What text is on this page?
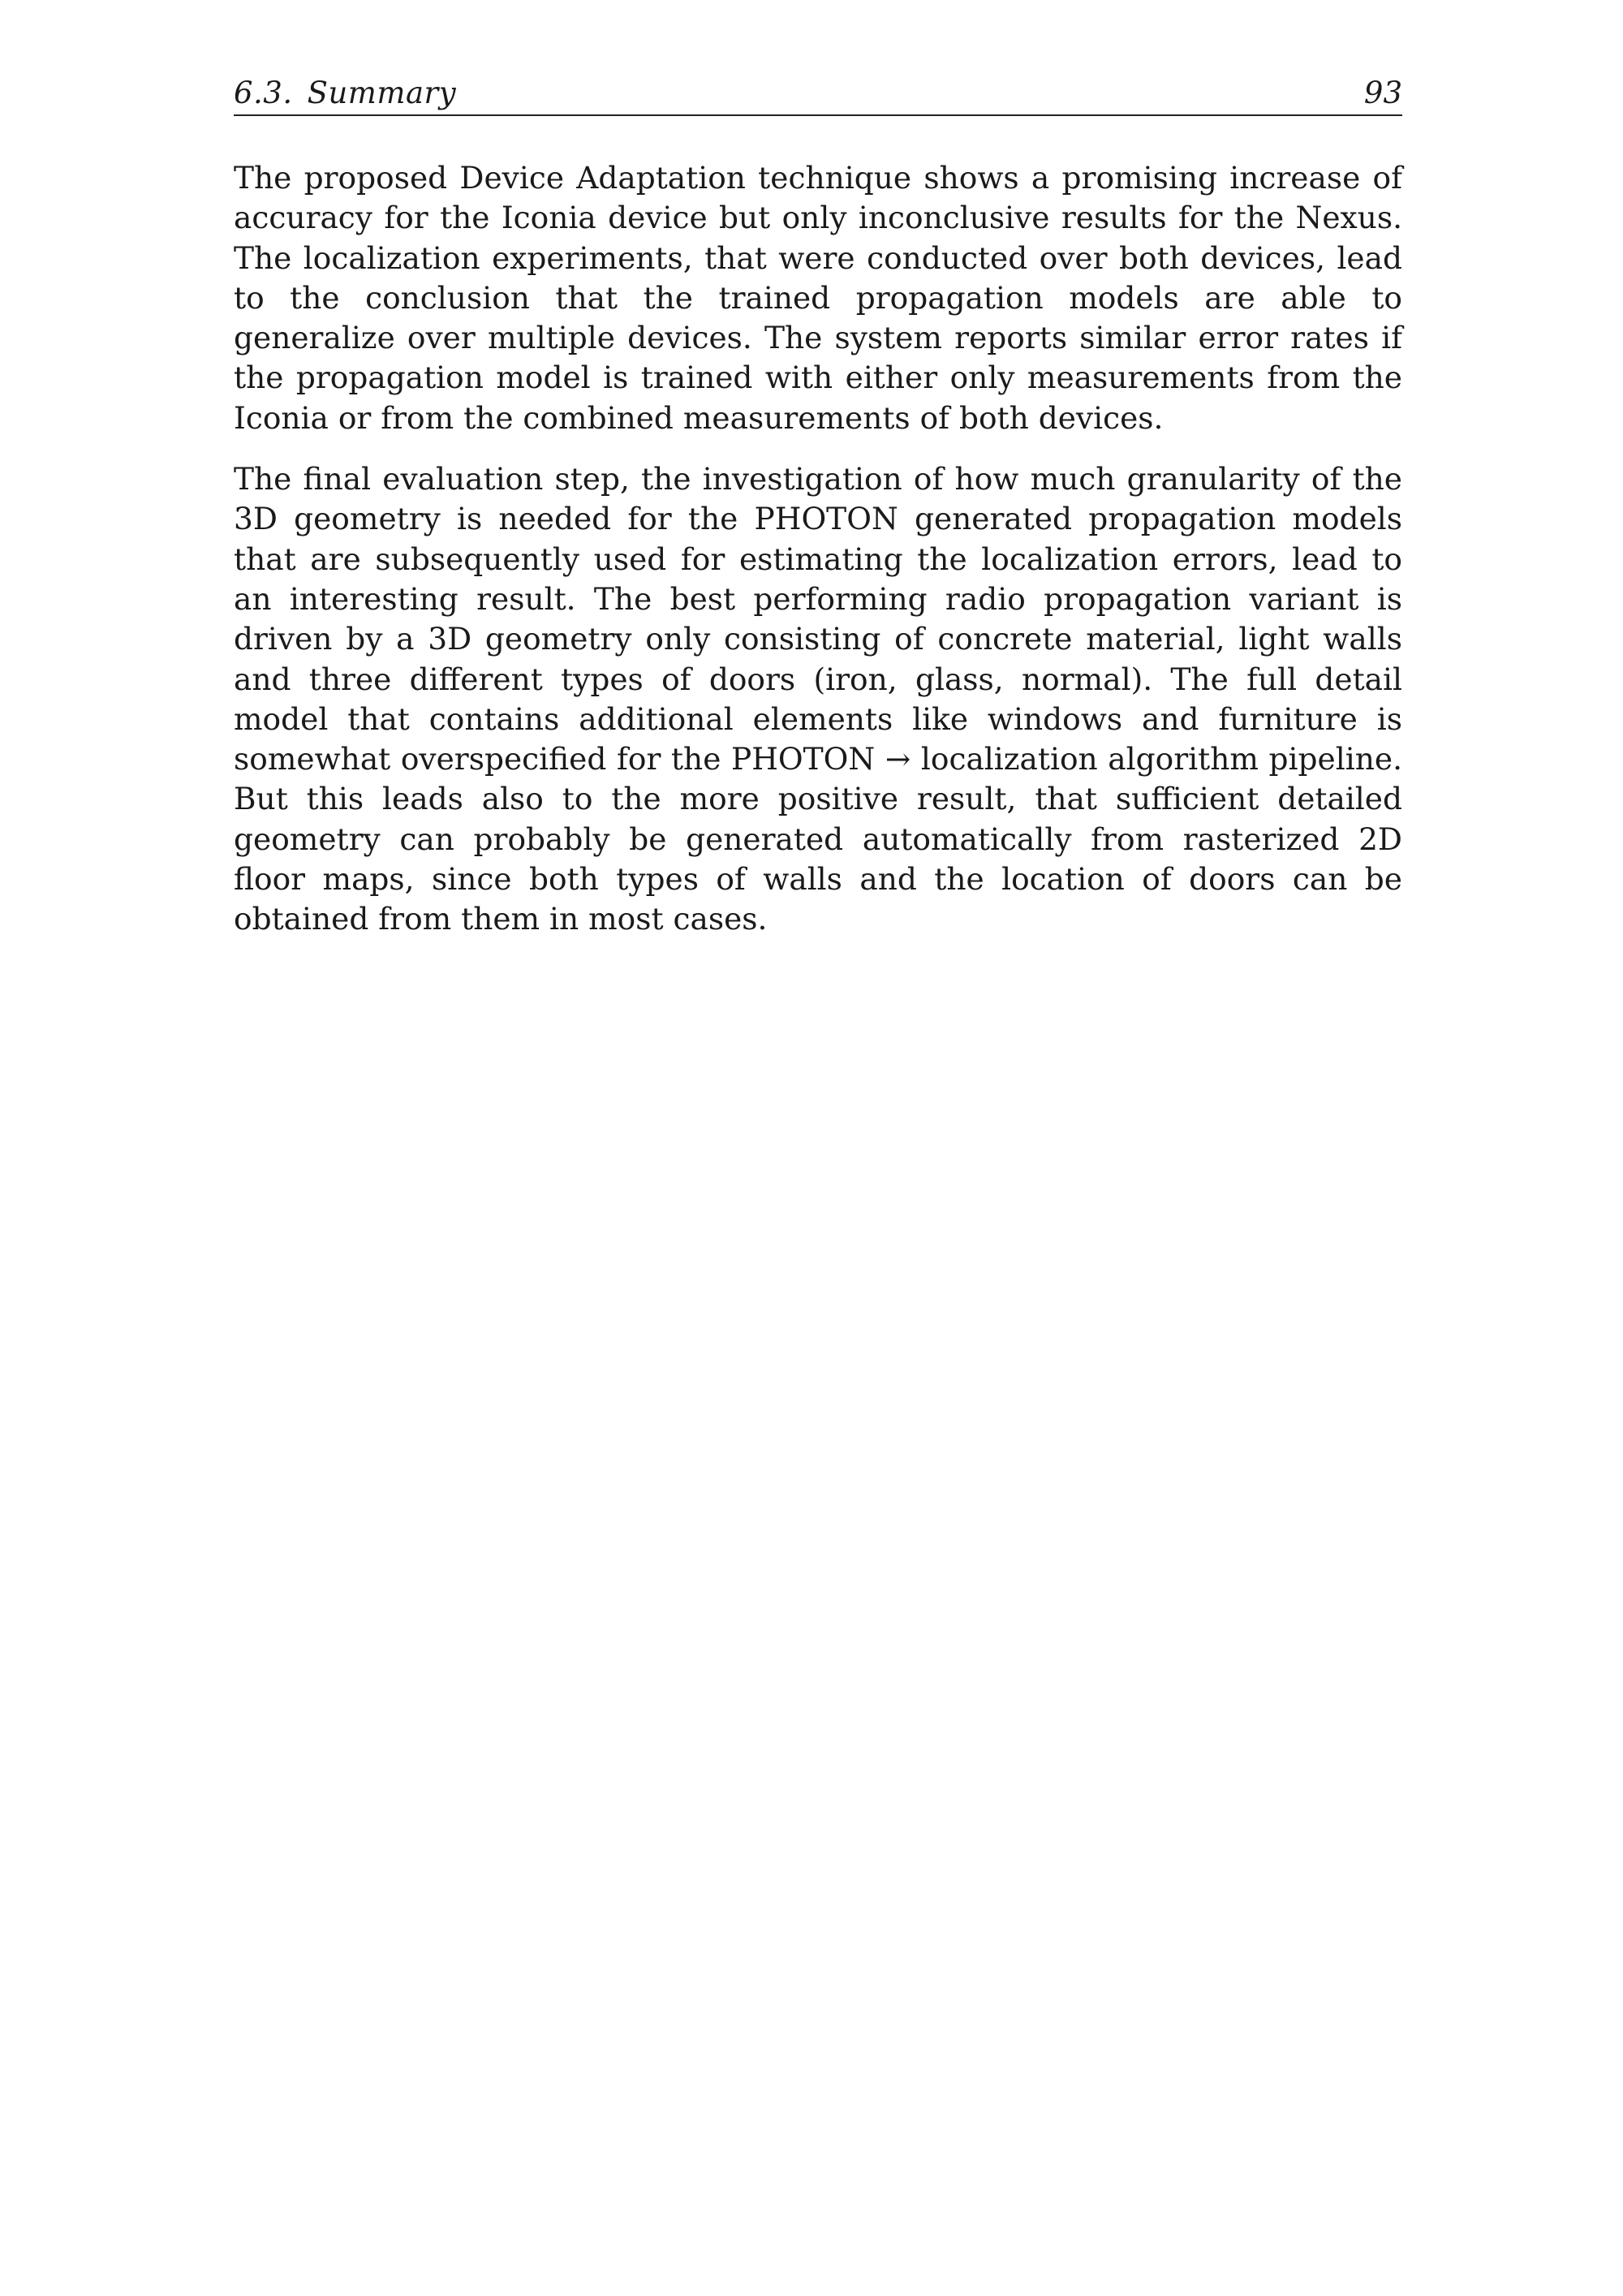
6.3. Summary	93

The proposed Device Adaptation technique shows a promising increase of accuracy for the Iconia device but only inconclusive results for the Nexus. The localization experiments, that were conducted over both devices, lead to the conclusion that the trained propagation models are able to generalize over multiple devices. The system reports similar error rates if the propagation model is trained with either only measurements from the Iconia or from the combined measurements of both devices.

The final evaluation step, the investigation of how much granularity of the 3D geometry is needed for the PHOTON generated propagation models that are subsequently used for estimating the localization errors, lead to an interesting result. The best performing radio propagation variant is driven by a 3D geometry only consisting of concrete material, light walls and three different types of doors (iron, glass, normal). The full detail model that contains additional elements like windows and furniture is somewhat overspecified for the PHOTON → localization algorithm pipeline. But this leads also to the more positive result, that sufficient detailed geometry can probably be generated automatically from rasterized 2D floor maps, since both types of walls and the location of doors can be obtained from them in most cases.
